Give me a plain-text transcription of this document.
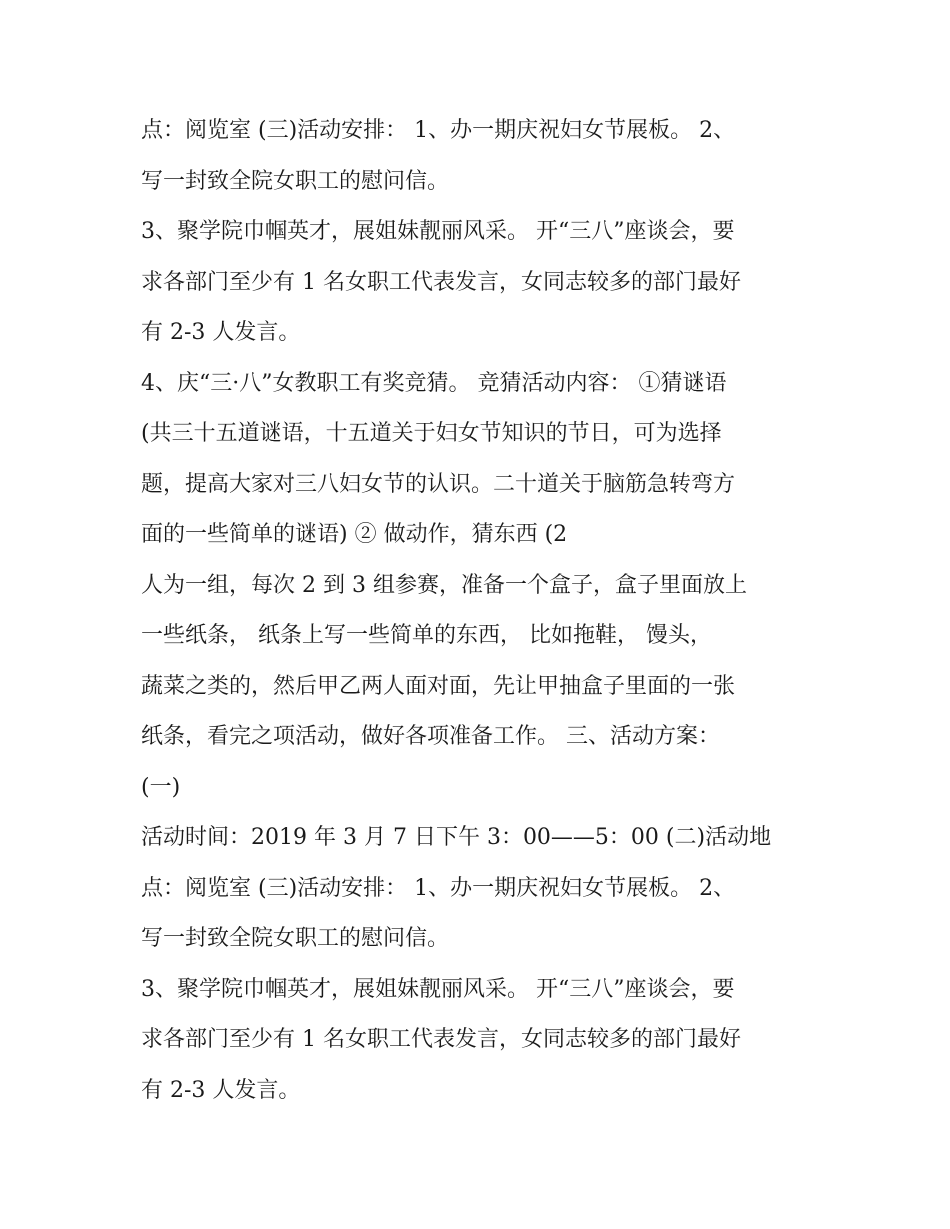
点：阅览室 (三)活动安排： 1、办一期庆祝妇女节展板。 2、
写一封致全院女职工的慰问信。
3、聚学院巾帼英才，展姐妹靓丽风采。 开“三八”座谈会，要
求各部门至少有 1 名女职工代表发言，女同志较多的部门最好
有 2-3 人发言。
4、庆“三·八”女教职工有奖竞猜。 竞猜活动内容： ①猜谜语
(共三十五道谜语，十五道关于妇女节知识的节日，可为选择
题，提高大家对三八妇女节的认识。二十道关于脑筋急转弯方
面的一些简单的谜语) ② 做动作，猜东西 (2
人为一组，每次 2 到 3 组参赛，准备一个盒子，盒子里面放上
一些纸条， 纸条上写一些简单的东西， 比如拖鞋， 馒头，
蔬菜之类的，然后甲乙两人面对面，先让甲抽盒子里面的一张
纸条，看完之项活动，做好各项准备工作。 三、活动方案：
(一)
活动时间：2019 年 3 月 7 日下午 3：00——5：00 (二)活动地
点：阅览室 (三)活动安排： 1、办一期庆祝妇女节展板。 2、
写一封致全院女职工的慰问信。
3、聚学院巾帼英才，展姐妹靓丽风采。 开“三八”座谈会，要
求各部门至少有 1 名女职工代表发言，女同志较多的部门最好
有 2-3 人发言。
